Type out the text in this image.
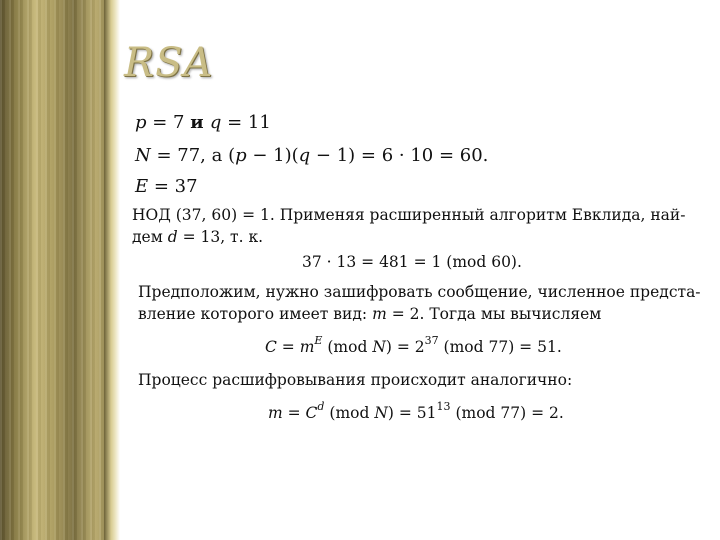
RSA
p = 7 и q = 11
N = 77, а (p − 1)(q − 1) = 6 · 10 = 60.
E = 37
НОД (37, 60) = 1. Применяя расширенный алгоритм Евклида, най-
дем d = 13, т. к.
37 · 13 = 481 = 1 (mod 60).
Предположим, нужно зашифровать сообщение, численное предста-
вление которого имеет вид: m = 2. Тогда мы вычисляем
$C = m^E$ (mod $N) = 2^{37}$ (mod 77) = 51.
Процесс расшифровывания происходит аналогично:
$m = C^d$ (mod $N) = 51^{13}$ (mod 77) = 2.
